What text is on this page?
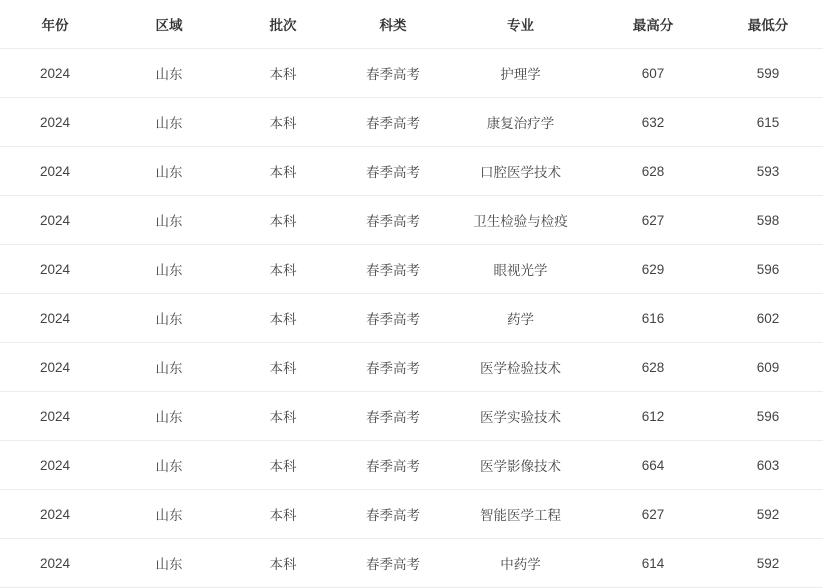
年份	区域	批次	科类	专业	最高分	最低分
2024	山东	本科	春季高考	护理学	607	599
2024	山东	本科	春季高考	康复治疗学	632	615
2024	山东	本科	春季高考	口腔医学技术	628	593
2024	山东	本科	春季高考	卫生检验与检疫	627	598
2024	山东	本科	春季高考	眼视光学	629	596
2024	山东	本科	春季高考	药学	616	602
2024	山东	本科	春季高考	医学检验技术	628	609
2024	山东	本科	春季高考	医学实验技术	612	596
2024	山东	本科	春季高考	医学影像技术	664	603
2024	山东	本科	春季高考	智能医学工程	627	592
2024	山东	本科	春季高考	中药学	614	592
